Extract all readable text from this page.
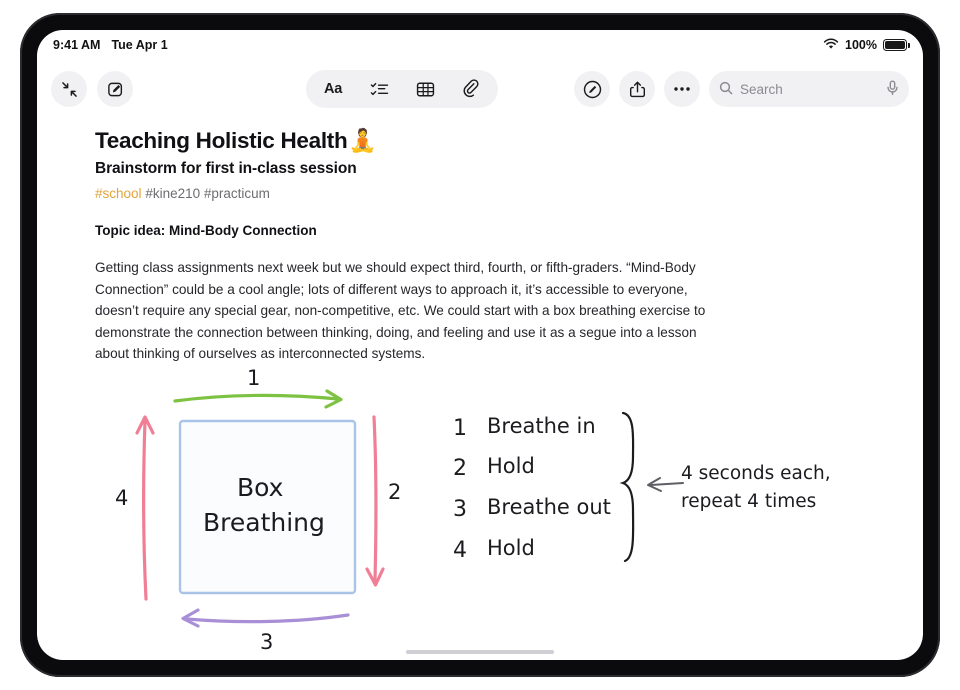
9:41 AM Tue Apr 1	100%
Aa	Search
Teaching Holistic Health 🧘
Brainstorm for first in-class session
#school #kine210 #practicum
Topic idea: Mind-Body Connection
Getting class assignments next week but we should expect third, fourth, or fifth-graders. “Mind-Body Connection” could be a cool angle; lots of different ways to approach it, it’s accessible to everyone, doesn’t require any special gear, non-competitive, etc. We could start with a box breathing exercise to demonstrate the connection between thinking, doing, and feeling and use it as a segue into a lesson about thinking of ourselves as interconnected systems.
Box
Breathing
1
2
3
4
1 Breathe in
2 Hold
3 Breathe out
4 Hold
4 seconds each,
repeat 4 times
